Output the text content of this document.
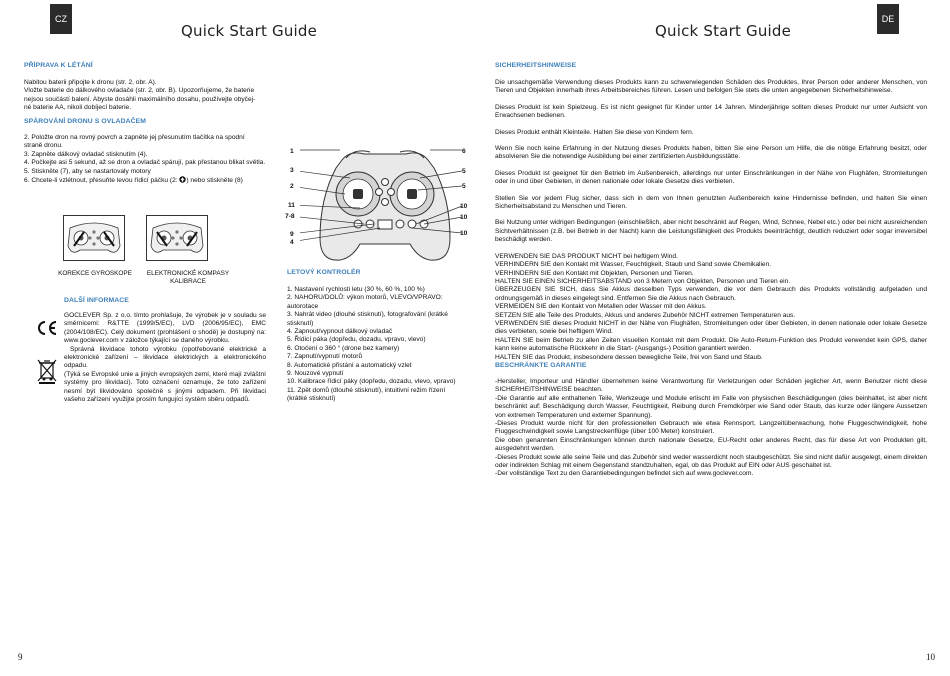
CZ
Quick Start Guide
PŘÍPRAVA K LÉTÁNÍ

Nabitou baterii připojte k dronu (str. 2, obr. A).

Vložte baterie do dálkového ovladače (str. 2, obr. B). Upozorňujeme, že baterie

nejsou součástí balení. Abyste dosáhli maximálního dosahu, používejte obyčej-

né baterie AA, nikoli dobíjecí baterie.

SPÁROVÁNÍ DRONU S OVLADAČEM

2. Položte dron na rovný povrch a zapněte jej přesunutím tlačítka na spodní

straně dronu.

3. Zapněte dálkový ovladač stisknutím (4).

4. Počkejte asi 5 sekund, až se dron a ovladač spárují, pak přestanou blikat světla.

5. Stiskněte (7), aby se nastartovaly motory

6. Chcete-li vzlétnout, přesuňte levou řídicí páčku (2: ) nebo stiskněte (8)

KOREKCE GYROSKOPE	ELEKTRONICKÉ KOMPASY KALIBRACE
DALŠÍ INFORMACE

GOCLEVER Sp. z o.o. tímto prohlašuje, že výrobek je v souladu se směrnicemi: R&TTE (1999/5/EC), LVD (2006/95/EC), EMC (2004/108/EC). Celý dokument (prohlášení o shodě) je dostupný na: www.goclever.com v záložce týkající se daného výrobku.

Správná likvidace tohoto výrobku (opotřebované elektrické a elektronické zařízení – likvidace elektrických a elektronického odpadu.

(Týká se Evropské unie a jiných evropských zemí, které mají zvláštní systémy pro likvidaci). Toto označení oznamuje, že toto zařízení nesmí být likvidováno společně s jinými odpadem. Při likvidaci vašeho zařízení využijte prosím fungující systém sběru odpadů.

1
3
2
11
7-8
9
4
6
5
5
10
10
10
LETOVÝ KONTROLÉR

1. Nastavení rychlosti letu (30 %, 60 %, 100 %)

2. NAHORU/DOLŮ: výkon motorů, VLEVO/VPRAVO:

autorotace

3. Nahrát video (dlouhé stisknutí), fotografování (krátké

stisknutí)

4. Zapnout/vypnout dálkový ovladač

5. Řídicí páka (dopředu, dozadu, vpravo, vlevo)

6. Otočení o 360 ° (drone bez kamery)

7. Zapnutí/vypnutí motorů

8. Automatické přistání a automatický vzlet

9. Nouzové vypnutí

10. Kalibrace řídicí páky (dopředu, dozadu, vlevo, vpravo)

11. Zpět domů (dlouhé stisknutí), intuitivní režim řízení

(krátké stisknutí)

9
DE
Quick Start Guide
SICHERHEITSHINWEISE

Die unsachgemäße Verwendung dieses Produkts kann zu schwerwiegenden Schäden des Produktes, Ihrer Person oder anderer Menschen, von Tieren und Objekten innerhalb ihres Arbeitsbereiches führen. Lesen und befolgen Sie stets die unten angegebenen Sicherheitshinweise.

Dieses Produkt ist kein Spielzeug. Es ist nicht geeignet für Kinder unter 14 Jahren. Minderjährige sollten dieses Produkt nur unter Aufsicht von Erwachsenen bedienen.

Dieses Produkt enthält Kleinteile. Halten Sie diese von Kindern fern.

Wenn Sie noch keine Erfahrung in der Nutzung dieses Produkts haben, bitten Sie eine Person um Hilfe, die die nötige Erfahrung besitzt, oder absolvieren Sie die notwendige Ausbildung bei einer zertifizierten Ausbildungsstätte.

Dieses Produkt ist geeignet für den Betrieb im Außenbereich, allerdings nur unter Einschränkungen in der Nähe von Flughäfen, Stromleitungen oder in und über Gebieten, in denen nationale oder lokale Gesetze dies verbieten.

Stellen Sie vor jedem Flug sicher, dass sich in dem von Ihnen genutzten Außenbereich keine Hindernisse befinden, und halten Sie einen Sicherheitsabstand zu Menschen und Tieren.

Bei Nutzung unter widrigen Bedingungen (einschließlich, aber nicht beschränkt auf Regen, Wind, Schnee, Nebel etc.) oder bei nicht ausreichenden Sichtverhältnissen (z.B. bei Betrieb in der Nacht) kann die Leistungsfähigkeit des Produkts beeinträchtigt, deutlich reduziert oder sogar irreversibel beschädigt werden.

VERWENDEN SIE DAS PRODUKT NICHT bei heftigem Wind.

VERHINDERN SIE den Kontakt mit Wasser, Feuchtigkeit, Staub und Sand sowie Chemikalien.

VERHINDERN SIE den Kontakt mit Objekten, Personen und Tieren.

HALTEN SIE EINEN SICHERHEITSABSTAND von 3 Metern von Objekten, Personen und Tieren ein.

ÜBERZEUGEN SIE SICH, dass Sie Akkus desselben Typs verwenden, die vor dem Gebrauch des Produkts vollständig aufgeladen und ordnungsgemäß in dieses eingelegt sind. Entfernen Sie die Akkus nach Gebrauch.

VERMEIDEN SIE den Kontakt von Metallen oder Wasser mit den Akkus.

SETZEN SIE alle Teile des Produkts, Akkus und anderes Zubehör NICHT extremen Temperaturen aus.

VERWENDEN SIE dieses Produkt NICHT in der Nähe von Flughäfen, Stromleitungen oder über Gebieten, in denen nationale oder lokale Gesetze dies verbieten, sowie bei heftigem Wind.

HALTEN SIE beim Betrieb zu allen Zeiten visuellen Kontakt mit dem Produkt. Die Auto-Return-Funktion des Produkt verwendet kein GPS, daher kann keine automatische Rückkehr in die Start- (Ausgangs-) Position garantiert werden.

HALTEN SIE das Produkt, insbesondere dessen bewegliche Teile, frei von Sand und Staub.

BESCHRÄNKTE GARANTIE

-Hersteller, Importeur und Händler übernehmen keine Verantwortung für Verletzungen oder Schäden jeglicher Art, wenn Benutzer nicht diese SICHERHEITSHINWEISE beachten.

-Die Garantie auf alle enthaltenen Teile, Werkzeuge und Module erlischt im Falle von physischen Beschädigungen (dies beinhaltet, ist aber nicht beschränkt auf: Beschädigung durch Wasser, Feuchtigkeit, Reibung durch Fremdkörper wie Sand oder Staub, das kurze oder längere Aussetzen von extremen Temperaturen und externer Spannung).

-Dieses Produkt wurde nicht für den professionellen Gebrauch wie etwa Rennsport, Langzeitüberwachung, hohe Fluggeschwindigkeit, hohe Fluggeschwindigkeit sowie Langstreckenflüge (über 100 Meter) konstruiert.

Die oben genannten Einschränkungen können durch nationale Gesetze, EU-Recht oder anderes Recht, das für diese Art von Produkten gilt, ausgedehnt werden.

-Dieses Produkt sowie alle seine Teile und das Zubehör sind weder wasserdicht noch staubgeschützt. Sie sind nicht dafür ausgelegt, einem direkten oder indirekten Schlag mit einem Gegenstand standzuhalten, egal, ob das Produkt auf EIN oder AUS geschaltet ist.

-Der vollständige Text zu den Garantiebedingungen befindet sich auf www.goclever.com.

10
